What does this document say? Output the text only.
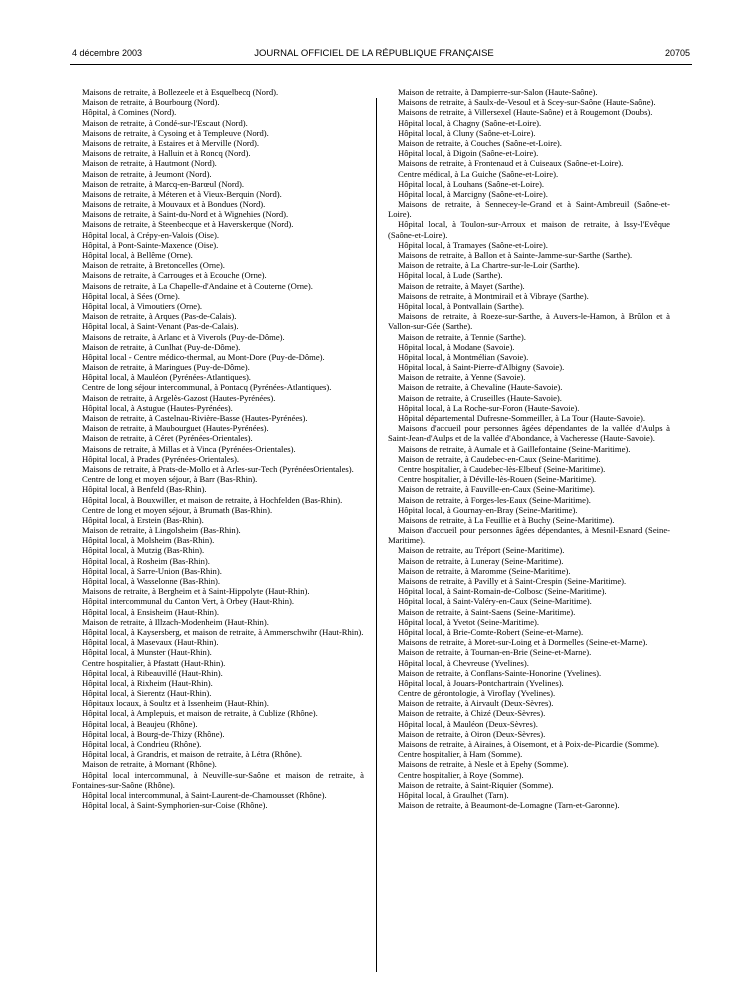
4 décembre 2003	JOURNAL OFFICIEL DE LA RÉPUBLIQUE FRANÇAISE	20705

Maisons de retraite, à Bollezeele et à Esquelbecq (Nord).

Maison de retraite, à Bourbourg (Nord).

Hôpital, à Comines (Nord).

Maison de retraite, à Condé-sur-l'Escaut (Nord).

Maisons de retraite, à Cysoing et à Templeuve (Nord).

Maisons de retraite, à Estaires et à Merville (Nord).

Maisons de retraite, à Halluin et à Roncq (Nord).

Maison de retraite, à Hautmont (Nord).

Maison de retraite, à Jeumont (Nord).

Maison de retraite, à Marcq-en-Barœul (Nord).

Maisons de retraite, à Méteren et à Vieux-Berquin (Nord).

Maisons de retraite, à Mouvaux et à Bondues (Nord).

Maisons de retraite, à Saint-du-Nord et à Wignehies (Nord).

Maisons de retraite, à Steenbecque et à Haverskerque (Nord).

Hôpital local, à Crépy-en-Valois (Oise).

Hôpital, à Pont-Sainte-Maxence (Oise).

Hôpital local, à Bellême (Orne).

Maison de retraite, à Bretoncelles (Orne).

Maisons de retraite, à Carrouges et à Ecouche (Orne).

Maisons de retraite, à La Chapelle-d'Andaine et à Couterne (Orne).

Hôpital local, à Sées (Orne).

Hôpital local, à Vimoutiers (Orne).

Maison de retraite, à Arques (Pas-de-Calais).

Hôpital local, à Saint-Venant (Pas-de-Calais).

Maisons de retraite, à Arlanc et à Viverols (Puy-de-Dôme).

Maison de retraite, à Cunlhat (Puy-de-Dôme).

Hôpital local - Centre médico-thermal, au Mont-Dore (Puy-de-Dôme).

Maison de retraite, à Maringues (Puy-de-Dôme).

Hôpital local, à Mauléon (Pyrénées-Atlantiques).

Centre de long séjour intercommunal, à Pontacq (Pyrénées-Atlantiques).

Maison de retraite, à Argelès-Gazost (Hautes-Pyrénées).

Hôpital local, à Astugue (Hautes-Pyrénées).

Maison de retraite, à Castelnau-Rivière-Basse (Hautes-Pyrénées).

Maison de retraite, à Maubourguet (Hautes-Pyrénées).

Maison de retraite, à Céret (Pyrénées-Orientales).

Maisons de retraite, à Millas et à Vinca (Pyrénées-Orientales).

Hôpital local, à Prades (Pyrénées-Orientales).

Maisons de retraite, à Prats-de-Mollo et à Arles-sur-Tech (PyrénéesOrientales).

Centre de long et moyen séjour, à Barr (Bas-Rhin).

Hôpital local, à Benfeld (Bas-Rhin).

Hôpital local, à Bouxwiller, et maison de retraite, à Hochfelden (Bas-Rhin).

Centre de long et moyen séjour, à Brumath (Bas-Rhin).

Hôpital local, à Erstein (Bas-Rhin).

Maison de retraite, à Lingolsheim (Bas-Rhin).

Hôpital local, à Molsheim (Bas-Rhin).

Hôpital local, à Mutzig (Bas-Rhin).

Hôpital local, à Rosheim (Bas-Rhin).

Hôpital local, à Sarre-Union (Bas-Rhin).

Hôpital local, à Wasselonne (Bas-Rhin).

Maisons de retraite, à Bergheim et à Saint-Hippolyte (Haut-Rhin).

Hôpital intercommunal du Canton Vert, à Orbey (Haut-Rhin).

Hôpital local, à Ensisheim (Haut-Rhin).

Maison de retraite, à Illzach-Modenheim (Haut-Rhin).

Hôpital local, à Kaysersberg, et maison de retraite, à Ammerschwihr (Haut-Rhin).

Hôpital local, à Masevaux (Haut-Rhin).

Hôpital local, à Munster (Haut-Rhin).

Centre hospitalier, à Pfastatt (Haut-Rhin).

Hôpital local, à Ribeauvillé (Haut-Rhin).

Hôpital local, à Rixheim (Haut-Rhin).

Hôpital local, à Sierentz (Haut-Rhin).

Hôpitaux locaux, à Soultz et à Issenheim (Haut-Rhin).

Hôpital local, à Amplepuis, et maison de retraite, à Cublize (Rhône).

Hôpital local, à Beaujeu (Rhône).

Hôpital local, à Bourg-de-Thizy (Rhône).

Hôpital local, à Condrieu (Rhône).

Hôpital local, à Grandris, et maison de retraite, à Létra (Rhône).

Maison de retraite, à Mornant (Rhône).

Hôpital local intercommunal, à Neuville-sur-Saône et maison de retraite, à Fontaines-sur-Saône (Rhône).

Hôpital local intercommunal, à Saint-Laurent-de-Chamousset (Rhône).

Hôpital local, à Saint-Symphorien-sur-Coise (Rhône).

Maison de retraite, à Dampierre-sur-Salon (Haute-Saône).

Maisons de retraite, à Saulx-de-Vesoul et à Scey-sur-Saône (Haute-Saône).

Maisons de retraite, à Villersexel (Haute-Saône) et à Rougemont (Doubs).

Hôpital local, à Chagny (Saône-et-Loire).

Hôpital local, à Cluny (Saône-et-Loire).

Maison de retraite, à Couches (Saône-et-Loire).

Hôpital local, à Digoin (Saône-et-Loire).

Maisons de retraite, à Frontenaud et à Cuiseaux (Saône-et-Loire).

Centre médical, à La Guiche (Saône-et-Loire).

Hôpital local, à Louhans (Saône-et-Loire).

Hôpital local, à Marcigny (Saône-et-Loire).

Maisons de retraite, à Sennecey-le-Grand et à Saint-Ambreuil (Saône-et-Loire).

Hôpital local, à Toulon-sur-Arroux et maison de retraite, à Issy-l'Evêque (Saône-et-Loire).

Hôpital local, à Tramayes (Saône-et-Loire).

Maisons de retraite, à Ballon et à Sainte-Jamme-sur-Sarthe (Sarthe).

Maison de retraite, à La Chartre-sur-le-Loir (Sarthe).

Hôpital local, à Lude (Sarthe).

Maison de retraite, à Mayet (Sarthe).

Maisons de retraite, à Montmirail et à Vibraye (Sarthe).

Hôpital local, à Pontvallain (Sarthe).

Maisons de retraite, à Roeze-sur-Sarthe, à Auvers-le-Hamon, à Brûlon et à Vallon-sur-Gée (Sarthe).

Maison de retraite, à Tennie (Sarthe).

Hôpital local, à Modane (Savoie).

Hôpital local, à Montmélian (Savoie).

Hôpital local, à Saint-Pierre-d'Albigny (Savoie).

Maison de retraite, à Yenne (Savoie).

Maison de retraite, à Chevaline (Haute-Savoie).

Maison de retraite, à Cruseilles (Haute-Savoie).

Hôpital local, à La Roche-sur-Foron (Haute-Savoie).

Hôpital départemental Dufresne-Sommeiller, à La Tour (Haute-Savoie).

Maisons d'accueil pour personnes âgées dépendantes de la vallée d'Aulps à Saint-Jean-d'Aulps et de la vallée d'Abondance, à Vacheresse (Haute-Savoie).

Maisons de retraite, à Aumale et à Gaillefontaine (Seine-Maritime).

Maison de retraite, à Caudebec-en-Caux (Seine-Maritime).

Centre hospitalier, à Caudebec-lès-Elbeuf (Seine-Maritime).

Centre hospitalier, à Déville-lès-Rouen (Seine-Maritime).

Maison de retraite, à Fauville-en-Caux (Seine-Maritime).

Maison de retraite, à Forges-les-Eaux (Seine-Maritime).

Hôpital local, à Gournay-en-Bray (Seine-Maritime).

Maisons de retraite, à La Feuillie et à Buchy (Seine-Maritime).

Maison d'accueil pour personnes âgées dépendantes, à Mesnil-Esnard (Seine-Maritime).

Maison de retraite, au Tréport (Seine-Maritime).

Maison de retraite, à Luneray (Seine-Maritime).

Maison de retraite, à Maromme (Seine-Maritime).

Maisons de retraite, à Pavilly et à Saint-Crespin (Seine-Maritime).

Hôpital local, à Saint-Romain-de-Colbosc (Seine-Maritime).

Hôpital local, à Saint-Valéry-en-Caux (Seine-Maritime).

Maison de retraite, à Saint-Saens (Seine-Maritime).

Hôpital local, à Yvetot (Seine-Maritime).

Hôpital local, à Brie-Comte-Robert (Seine-et-Marne).

Maisons de retraite, à Moret-sur-Loing et à Dormelles (Seine-et-Marne).

Maison de retraite, à Tournan-en-Brie (Seine-et-Marne).

Hôpital local, à Chevreuse (Yvelines).

Maison de retraite, à Conflans-Sainte-Honorine (Yvelines).

Hôpital local, à Jouars-Pontchartrain (Yvelines).

Centre de gérontologie, à Viroflay (Yvelines).

Maison de retraite, à Airvault (Deux-Sèvres).

Maison de retraite, à Chizé (Deux-Sèvres).

Hôpital local, à Mauléon (Deux-Sèvres).

Maison de retraite, à Oiron (Deux-Sèvres).

Maisons de retraite, à Airaines, à Oisemont, et à Poix-de-Picardie (Somme).

Centre hospitalier, à Ham (Somme).

Maisons de retraite, à Nesle et à Epehy (Somme).

Centre hospitalier, à Roye (Somme).

Maison de retraite, à Saint-Riquier (Somme).

Hôpital local, à Graulhet (Tarn).

Maison de retraite, à Beaumont-de-Lomagne (Tarn-et-Garonne).
